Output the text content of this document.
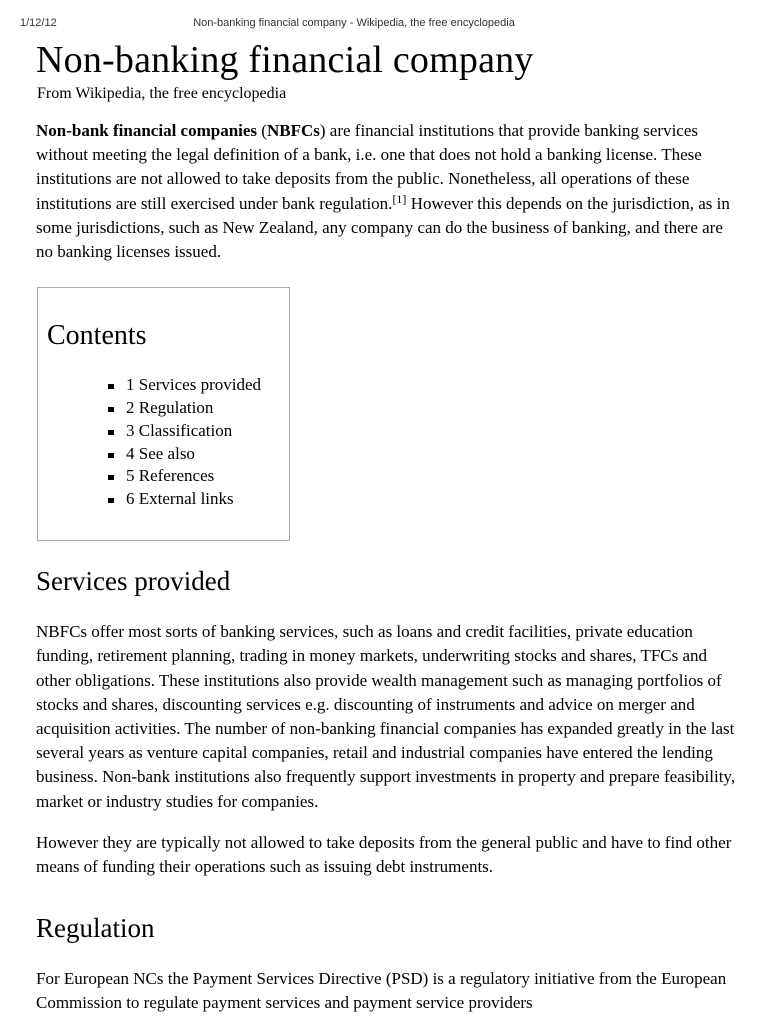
1/12/12	Non-banking financial company - Wikipedia, the free encyclopedia
Non-banking financial company
From Wikipedia, the free encyclopedia

Non-bank financial companies (NBFCs) are financial institutions that provide banking services without meeting the legal definition of a bank, i.e. one that does not hold a banking license. These institutions are not allowed to take deposits from the public. Nonetheless, all operations of these institutions are still exercised under bank regulation.[1] However this depends on the jurisdiction, as in some jurisdictions, such as New Zealand, any company can do the business of banking, and there are no banking licenses issued.

Contents
1 Services provided
2 Regulation
3 Classification
4 See also
5 References
6 External links
Services provided

NBFCs offer most sorts of banking services, such as loans and credit facilities, private education funding, retirement planning, trading in money markets, underwriting stocks and shares, TFCs and other obligations. These institutions also provide wealth management such as managing portfolios of stocks and shares, discounting services e.g. discounting of instruments and advice on merger and acquisition activities. The number of non-banking financial companies has expanded greatly in the last several years as venture capital companies, retail and industrial companies have entered the lending business. Non-bank institutions also frequently support investments in property and prepare feasibility, market or industry studies for companies.

However they are typically not allowed to take deposits from the general public and have to find other means of funding their operations such as issuing debt instruments.

Regulation

For European NCs the Payment Services Directive (PSD) is a regulatory initiative from the European Commission to regulate payment services and payment service providers
